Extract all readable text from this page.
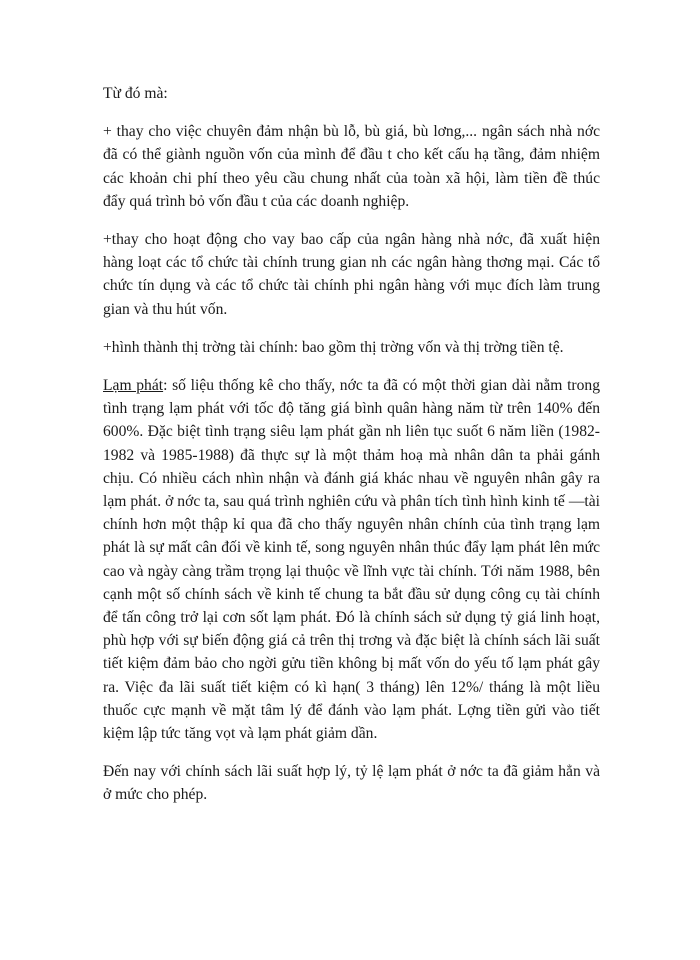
Từ đó mà:

+ thay cho việc chuyên đảm nhận bù lỗ, bù giá, bù lơng,... ngân sách nhà nớc đã có thể giành nguồn vốn của mình để đầu t cho kết cấu hạ tầng, đảm nhiệm các khoản chi phí theo yêu cầu chung nhất của toàn xã hội, làm tiền đề thúc đẩy quá trình bỏ vốn đầu t của các doanh nghiệp.

+thay cho hoạt động cho vay bao cấp của ngân hàng nhà nớc, đã xuất hiện hàng loạt các tổ chức tài chính trung gian nh các ngân hàng thơng mại. Các tổ chức tín dụng và các tổ chức tài chính phi ngân hàng với mục đích làm trung gian và thu hút vốn.

+hình thành thị trờng tài chính: bao gồm thị trờng vốn và thị trờng tiền tệ.

Lạm phát: số liệu thống kê cho thấy, nớc ta đã có một thời gian dài nằm trong tình trạng lạm phát với tốc độ tăng giá bình quân hàng năm từ trên 140% đến 600%. Đặc biệt tình trạng siêu lạm phát gần nh liên tục suốt 6 năm liền (1982-1982 và 1985-1988) đã thực sự là một thảm hoạ mà nhân dân ta phải gánh chịu. Có nhiều cách nhìn nhận và đánh giá khác nhau về nguyên nhân gây ra lạm phát. ở nớc ta, sau quá trình nghiên cứu và phân tích tình hình kinh tế —tài chính hơn một thập kỉ qua đã cho thấy nguyên nhân chính của tình trạng lạm phát là sự mất cân đối về kinh tế, song nguyên nhân thúc đẩy lạm phát lên mức cao và ngày càng trầm trọng lại thuộc về lĩnh vực tài chính. Tới năm 1988, bên cạnh một số chính sách về kinh tế chung ta bắt đầu sử dụng công cụ tài chính để tấn công trở lại cơn sốt lạm phát. Đó là chính sách sử dụng tỷ giá linh hoạt, phù hợp với sự biến động giá cả trên thị trơng và đặc biệt là chính sách lãi suất tiết kiệm đảm bảo cho ngời gửu tiền không bị mất vốn do yếu tố lạm phát gây ra. Việc đa lãi suất tiết kiệm có kì hạn( 3 tháng) lên 12%/ tháng là một liều thuốc cực mạnh về mặt tâm lý để đánh vào lạm phát. Lợng tiền gửi vào tiết kiệm lập tức tăng vọt và lạm phát giảm dần.

Đến nay với chính sách lãi suất hợp lý, tỷ lệ lạm phát ở nớc ta đã giảm hẳn và ở mức cho phép.
